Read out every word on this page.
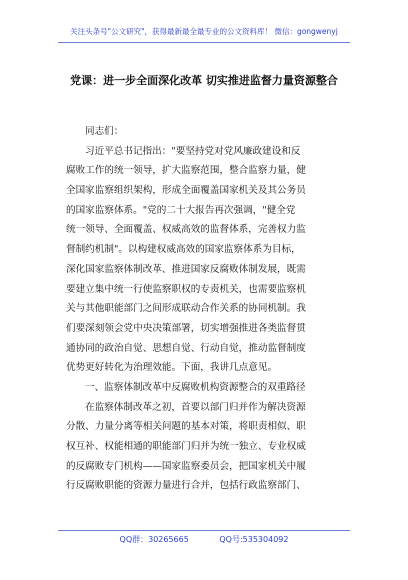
关注头条号"公文研究"，获得最新最全最专业的公文资料库！ 微信：gongwenyj
党课：进一步全面深化改革 切实推进监督力量资源整合
同志们：
习近平总书记指出："要坚持党对党风廉政建设和反
腐败工作的统一领导，扩大监察范围，整合监察力量，健
全国家监察组织架构，形成全面覆盖国家机关及其公务员
的国家监察体系。"党的二十大报告再次强调，"健全党
统一领导、全面覆盖、权威高效的监督体系，完善权力监
督制约机制"。以构建权威高效的国家监察体系为目标，
深化国家监察体制改革、推进国家反腐败体制发展，既需
要建立集中统一行使监察职权的专责机关，也需要监察机
关与其他职能部门之间形成联动合作关系的协同机制。我
们要深刻领会党中央决策部署，切实增强推进各类监督贯
通协同的政治自觉、思想自觉、行动自觉，推动监督制度
优势更好转化为治理效能。下面，我讲几点意见。
一、监察体制改革中反腐败机构资源整合的双重路径
在监察体制改革之初，首要以部门归并作为解决资源
分散、力量分离等相关问题的基本对策，将职责相似、职
权互补、权能相通的职能部门归并为统一独立、专业权威
的反腐败专门机构——国家监察委员会，把国家机关中履
行反腐败职能的资源力量进行合并，包括行政监察部门、
QQ群：30265665	QQ号:535304092
